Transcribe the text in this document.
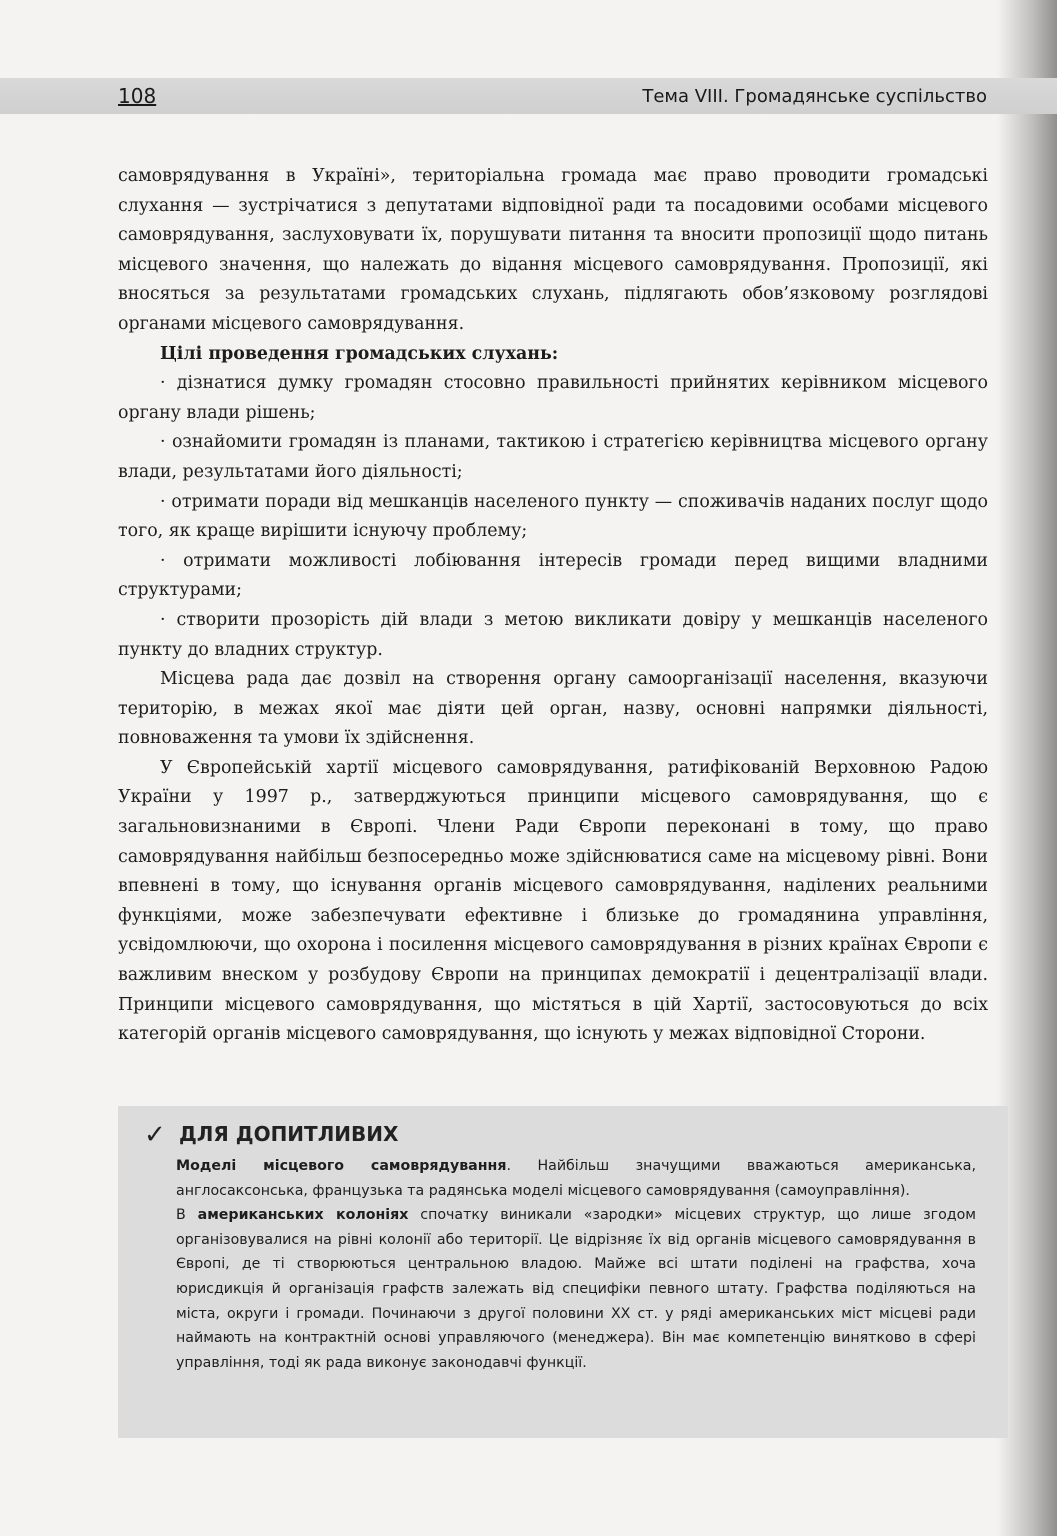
108	Тема VIII. Громадянське суспільство

самоврядування в Україні», територіальна громада має право проводити громадські слухання — зустрічатися з депутатами відповідної ради та посадовими особами місцевого самоврядування, заслуховувати їх, порушувати питання та вносити пропозиції щодо питань місцевого значення, що належать до відання місцевого самоврядування. Пропозиції, які вносяться за результатами громадських слухань, підлягають обов’язковому розглядові органами місцевого самоврядування.

Цілі проведення громадських слухань:

· дізнатися думку громадян стосовно правильності прийнятих керівником місцевого органу влади рішень;

· ознайомити громадян із планами, тактикою і стратегією керівництва місцевого органу влади, результатами його діяльності;

· отримати поради від мешканців населеного пункту — споживачів наданих послуг щодо того, як краще вирішити існуючу проблему;

· отримати можливості лобіювання інтересів громади перед вищими владними структурами;

· створити прозорість дій влади з метою викликати довіру у мешканців населеного пункту до владних структур.

Місцева рада дає дозвіл на створення органу самоорганізації населення, вказуючи територію, в межах якої має діяти цей орган, назву, основні напрямки діяльності, повноваження та умови їх здійснення.

У Європейській хартії місцевого самоврядування, ратифікованій Верховною Радою України у 1997 р., затверджуються принципи місцевого самоврядування, що є загальновизнаними в Європі. Члени Ради Європи переконані в тому, що право самоврядування найбільш безпосередньо може здійснюватися саме на місцевому рівні. Вони впевнені в тому, що існування органів місцевого самоврядування, наділених реальними функціями, може забезпечувати ефективне і близьке до громадянина управління, усвідомлюючи, що охорона і посилення місцевого самоврядування в різних країнах Європи є важливим внеском у розбудову Європи на принципах демократії і децентралізації влади. Принципи місцевого самоврядування, що містяться в цій Хартії, застосовуються до всіх категорій органів місцевого самоврядування, що існують у межах відповідної Сторони.

✓ ДЛЯ ДОПИТЛИВИХ

Моделі місцевого самоврядування. Найбільш значущими вважаються американська, англосаксонська, французька та радянська моделі місцевого самоврядування (самоуправління).

В американських колоніях спочатку виникали «зародки» місцевих структур, що лише згодом організовувалися на рівні колонії або території. Це відрізняє їх від органів місцевого самоврядування в Європі, де ті створюються центральною владою. Майже всі штати поділені на графства, хоча юрисдикція й організація графств залежать від специфіки певного штату. Графства поділяються на міста, округи і громади. Починаючи з другої половини XX ст. у ряді американських міст місцеві ради наймають на контрактній основі управляючого (менеджера). Він має компетенцію винятково в сфері управління, тоді як рада виконує законодавчі функції.
